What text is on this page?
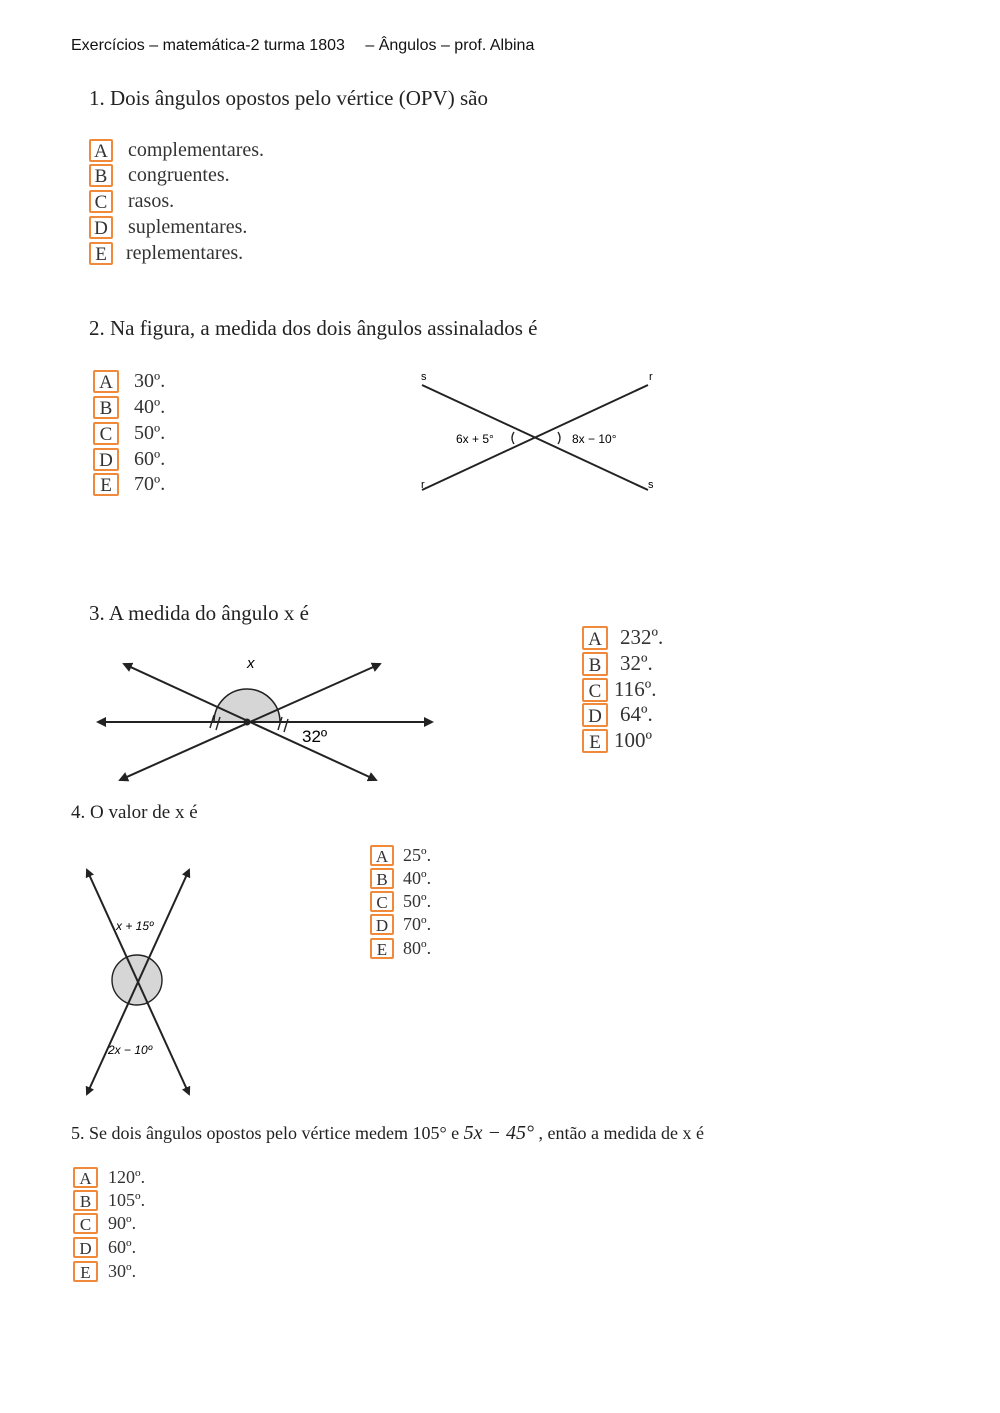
Exercícios – matemática-2 turma 1803 – Ângulos – prof. Albina
1. Dois ângulos opostos pelo vértice (OPV) são
A complementares.
B congruentes.
C rasos.
D suplementares.
E replementares.
2. Na figura, a medida dos dois ângulos assinalados é
A	30º.
B	40º.
C	50º.
D	60º.
E	70º.
s	r
r	s
6x + 5°	8x − 10°
3. A medida do ângulo x é
A 232º.
B 32º.
C 116º.
D 64º.
E 100º
x
32º
4. O valor de x é
A 25º.
B 40º.
C 50º.
D 70º.
E 80º.
x + 15º
2x − 10º
5. Se dois ângulos opostos pelo vértice medem 105° e 5x − 45° , então a medida de x é
A 120º.
B 105º.
C 90º.
D 60º.
E 30º.
